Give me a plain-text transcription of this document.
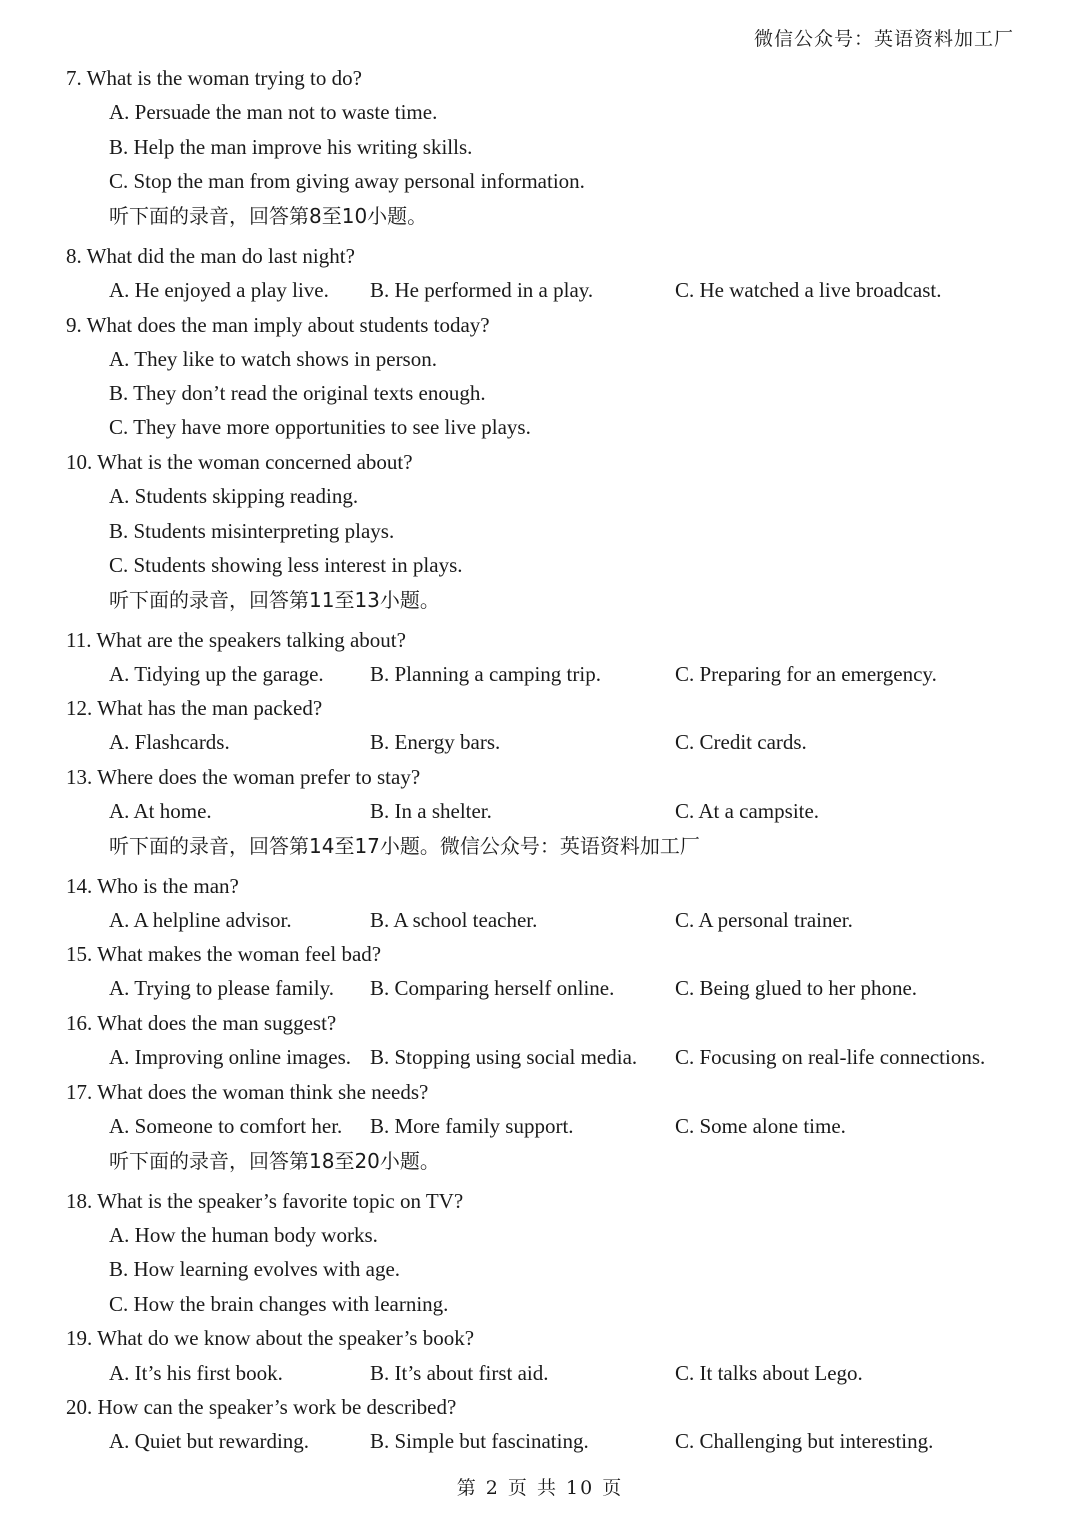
微信公众号：英语资料加工厂
7. What is the woman trying to do?
A. Persuade the man not to waste time.
B. Help the man improve his writing skills.
C. Stop the man from giving away personal information.
听下面的录音，回答第8至10小题。
8. What did the man do last night?
A. He enjoyed a play live. B. He performed in a play.	C. He watched a live broadcast.
9. What does the man imply about students today?
A. They like to watch shows in person.
B. They don’t read the original texts enough.
C. They have more opportunities to see live plays.
10. What is the woman concerned about?
A. Students skipping reading.
B. Students misinterpreting plays.
C. Students showing less interest in plays.
听下面的录音，回答第11至13小题。
11. What are the speakers talking about?
A. Tidying up the garage. B. Planning a camping trip.	C. Preparing for an emergency.
12. What has the man packed?
A. Flashcards.	B. Energy bars.	C. Credit cards.
13. Where does the woman prefer to stay?
A. At home.	B. In a shelter.	C. At a campsite.
听下面的录音，回答第14至17小题。微信公众号：英语资料加工厂
14. Who is the man?
A. A helpline advisor.	B. A school teacher.	C. A personal trainer.
15. What makes the woman feel bad?
A. Trying to please family. B. Comparing herself online.	C. Being glued to her phone.
16. What does the man suggest?
A. Improving online images. B. Stopping using social media. C. Focusing on real-life connections.
17. What does the woman think she needs?
A. Someone to comfort her. B. More family support.	C. Some alone time.
听下面的录音，回答第18至20小题。
18. What is the speaker’s favorite topic on TV?
A. How the human body works.
B. How learning evolves with age.
C. How the brain changes with learning.
19. What do we know about the speaker’s book?
A. It’s his first book.	B. It’s about first aid.	C. It talks about Lego.
20. How can the speaker’s work be described?
A. Quiet but rewarding.	B. Simple but fascinating.	C. Challenging but interesting.
第 2 页 共 10 页
